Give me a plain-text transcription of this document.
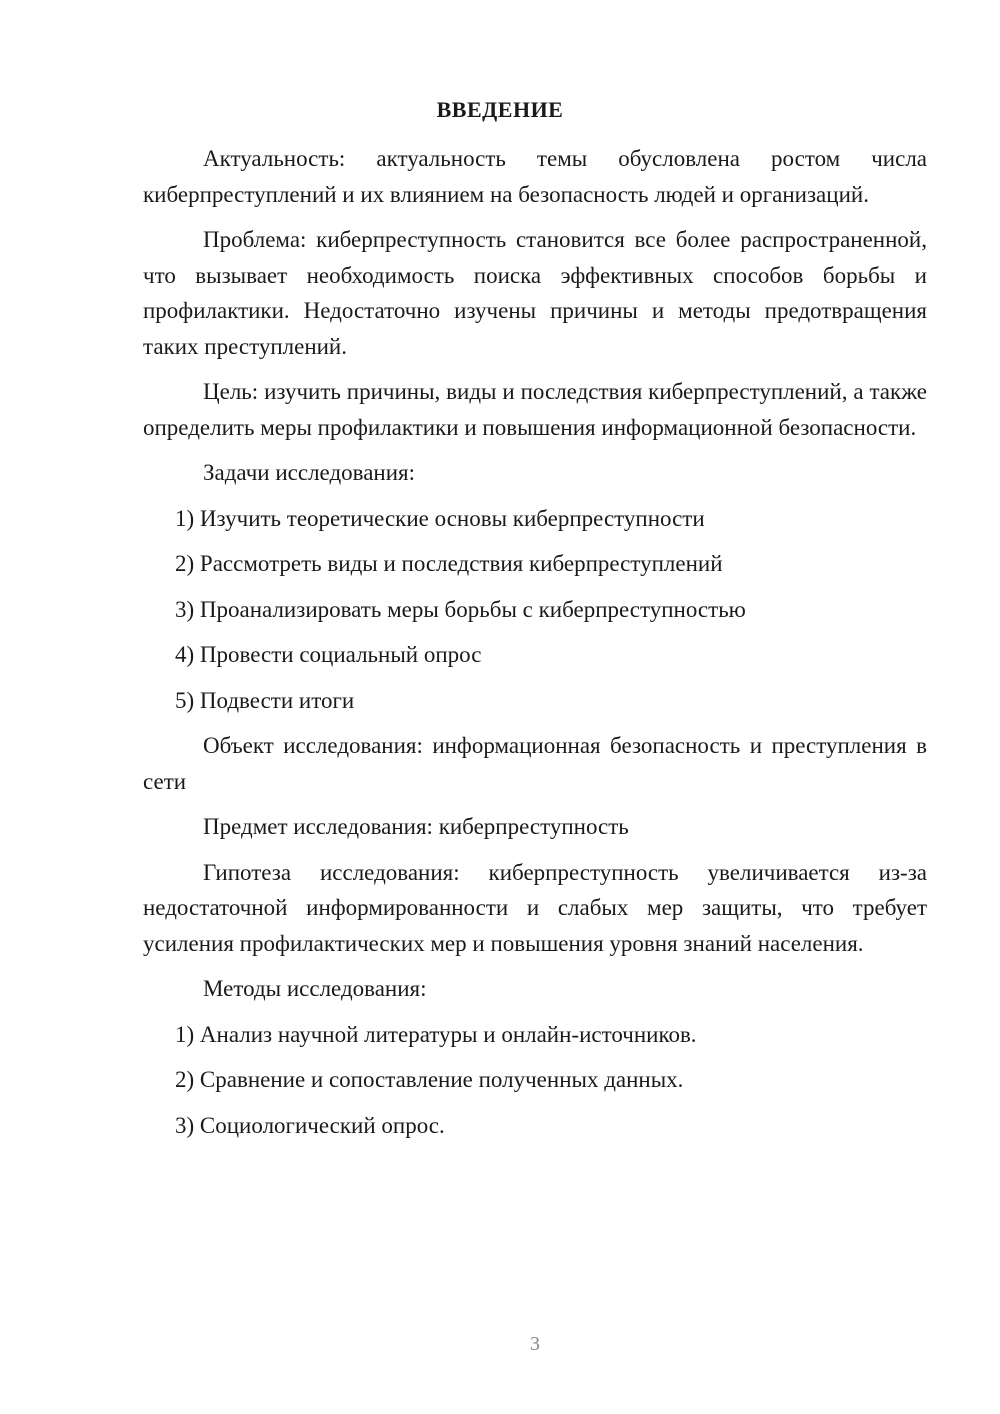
ВВЕДЕНИЕ

Актуальность: актуальность темы обусловлена ростом числа киберпреступлений и их влиянием на безопасность людей и организаций.

Проблема: киберпреступность становится все более распространенной, что вызывает необходимость поиска эффективных способов борьбы и профилактики. Недостаточно изучены причины и методы предотвращения таких преступлений.

Цель: изучить причины, виды и последствия киберпреступлений, а также определить меры профилактики и повышения информационной безопасности.

Задачи исследования:

1) Изучить теоретические основы киберпреступности
2) Рассмотреть виды и последствия киберпреступлений
3) Проанализировать меры борьбы с киберпреступностью
4) Провести социальный опрос
5) Подвести итоги

Объект исследования: информационная безопасность и преступления в сети

Предмет исследования: киберпреступность

Гипотеза исследования: киберпреступность увеличивается из-за недостаточной информированности и слабых мер защиты, что требует усиления профилактических мер и повышения уровня знаний населения.

Методы исследования:

1) Анализ научной литературы и онлайн-источников.
2) Сравнение и сопоставление полученных данных.
3) Социологический опрос.
3
